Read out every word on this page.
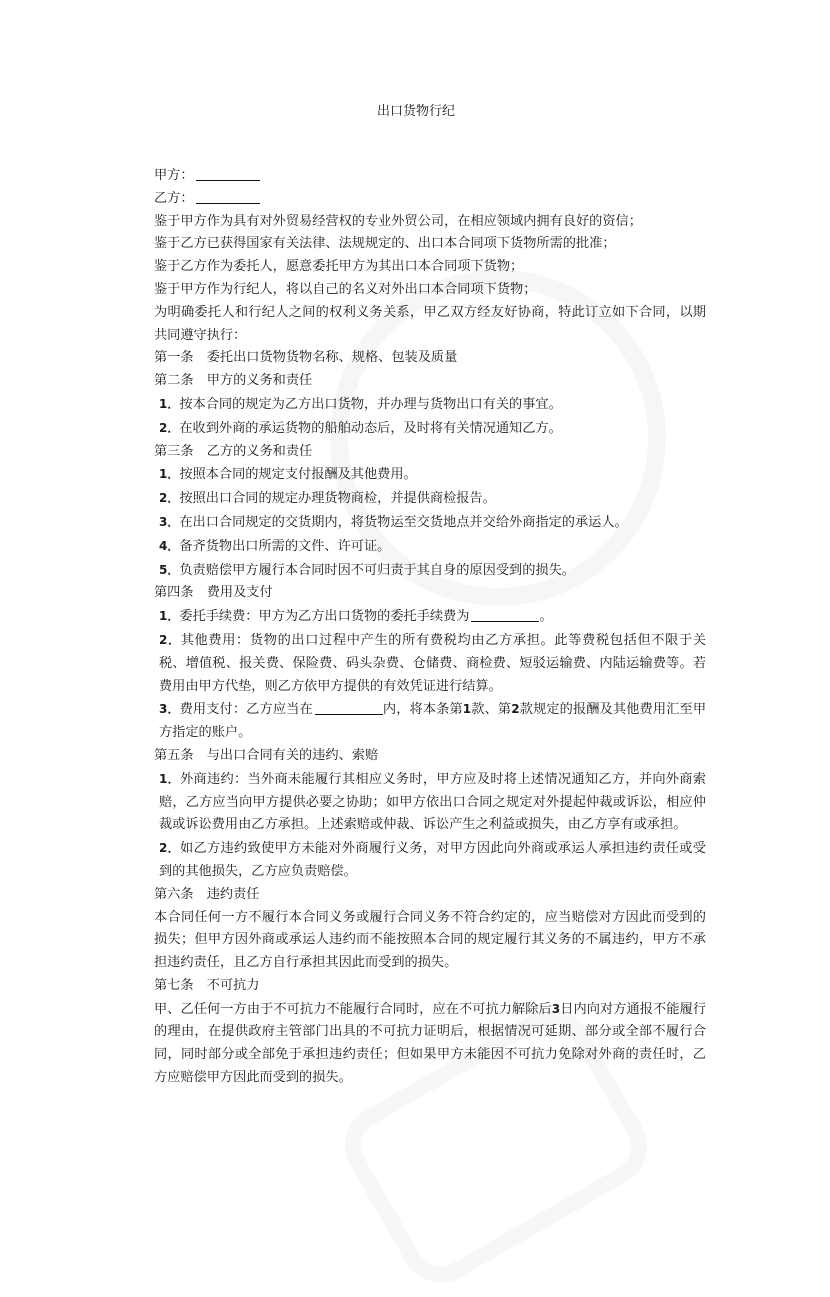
出口货物行纪
甲方：
乙方：
鉴于甲方作为具有对外贸易经营权的专业外贸公司，在相应领域内拥有良好的资信；
鉴于乙方已获得国家有关法律、法规规定的、出口本合同项下货物所需的批准；
鉴于乙方作为委托人，愿意委托甲方为其出口本合同项下货物；
鉴于甲方作为行纪人，将以自己的名义对外出口本合同项下货物；
为明确委托人和行纪人之间的权利义务关系，甲乙双方经友好协商，特此订立如下合同，以期共同遵守执行：
第一条　委托出口货物货物名称、规格、包装及质量
第二条　甲方的义务和责任
1．按本合同的规定为乙方出口货物，并办理与货物出口有关的事宜。
2．在收到外商的承运货物的船舶动态后，及时将有关情况通知乙方。
第三条　乙方的义务和责任
1．按照本合同的规定支付报酬及其他费用。
2．按照出口合同的规定办理货物商检，并提供商检报告。
3．在出口合同规定的交货期内，将货物运至交货地点并交给外商指定的承运人。
4．备齐货物出口所需的文件、许可证。
5．负责赔偿甲方履行本合同时因不可归责于其自身的原因受到的损失。
第四条　费用及支付
1．委托手续费：甲方为乙方出口货物的委托手续费为	。
2．其他费用：货物的出口过程中产生的所有费税均由乙方承担。此等费税包括但不限于关税、增值税、报关费、保险费、码头杂费、仓储费、商检费、短驳运输费、内陆运输费等。若费用由甲方代垫，则乙方依甲方提供的有效凭证进行结算。
3．费用支付：乙方应当在	内，将本条第1款、第2款规定的报酬及其他费用汇至甲方指定的账户。
第五条　与出口合同有关的违约、索赔
1．外商违约：当外商未能履行其相应义务时，甲方应及时将上述情况通知乙方，并向外商索赔，乙方应当向甲方提供必要之协助；如甲方依出口合同之规定对外提起仲裁或诉讼，相应仲裁或诉讼费用由乙方承担。上述索赔或仲裁、诉讼产生之利益或损失，由乙方享有或承担。
2．如乙方违约致使甲方未能对外商履行义务，对甲方因此向外商或承运人承担违约责任或受到的其他损失，乙方应负责赔偿。
第六条　违约责任
本合同任何一方不履行本合同义务或履行合同义务不符合约定的，应当赔偿对方因此而受到的损失；但甲方因外商或承运人违约而不能按照本合同的规定履行其义务的不属违约，甲方不承担违约责任，且乙方自行承担其因此而受到的损失。
第七条　不可抗力
甲、乙任何一方由于不可抗力不能履行合同时，应在不可抗力解除后3日内向对方通报不能履行的理由，在提供政府主管部门出具的不可抗力证明后，根据情况可延期、部分或全部不履行合同，同时部分或全部免于承担违约责任；但如果甲方未能因不可抗力免除对外商的责任时，乙方应赔偿甲方因此而受到的损失。
